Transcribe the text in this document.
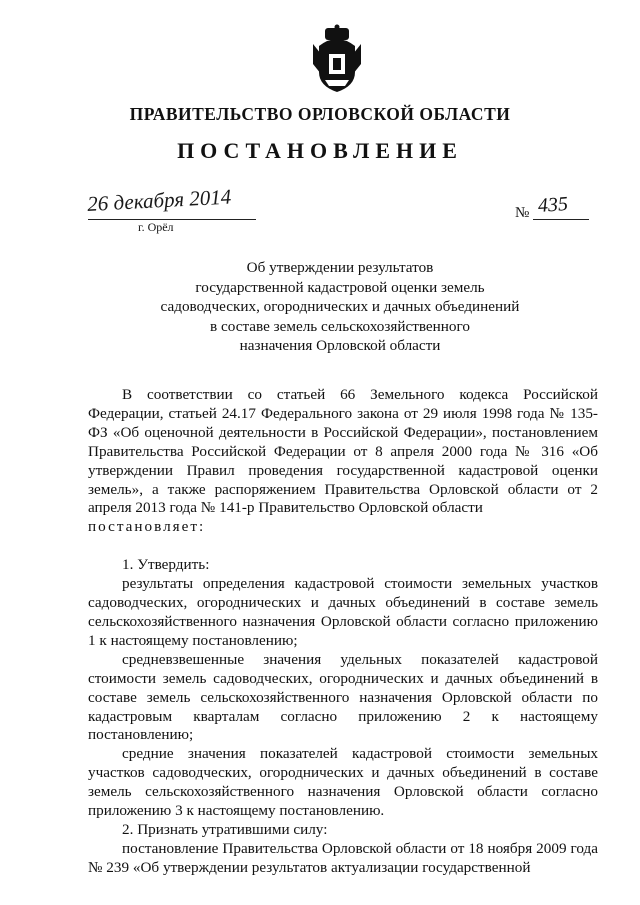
ПРАВИТЕЛЬСТВО ОРЛОВСКОЙ ОБЛАСТИ
ПОСТАНОВЛЕНИЕ
26 декабря 2014
г. Орёл
№ 435
Об утверждении результатов
государственной кадастровой оценки земель
садоводческих, огороднических и дачных объединений
в составе земель сельскохозяйственного
назначения Орловской области

В соответствии со статьей 66 Земельного кодекса Российской Федерации, статьей 24.17 Федерального закона от 29 июля 1998 года № 135-ФЗ «Об оценочной деятельности в Российской Федерации», постановлением Правительства Российской Федерации от 8 апреля 2000 года № 316 «Об утверждении Правил проведения государственной кадастровой оценки земель», а также распоряжением Правительства Орловской области от 2 апреля 2013 года № 141-р Правительство Орловской области

постановляет:

1. Утвердить:

результаты определения кадастровой стоимости земельных участков садоводческих, огороднических и дачных объединений в составе земель сельскохозяйственного назначения Орловской области согласно приложению 1 к настоящему постановлению;

средневзвешенные значения удельных показателей кадастровой стоимости земель садоводческих, огороднических и дачных объединений в составе земель сельскохозяйственного назначения Орловской области по кадастровым кварталам согласно приложению 2 к настоящему постановлению;

средние значения показателей кадастровой стоимости земельных участков садоводческих, огороднических и дачных объединений в составе земель сельскохозяйственного назначения Орловской области согласно приложению 3 к настоящему постановлению.

2. Признать утратившими силу:

постановление Правительства Орловской области от 18 ноября 2009 года № 239 «Об утверждении результатов актуализации государственной
